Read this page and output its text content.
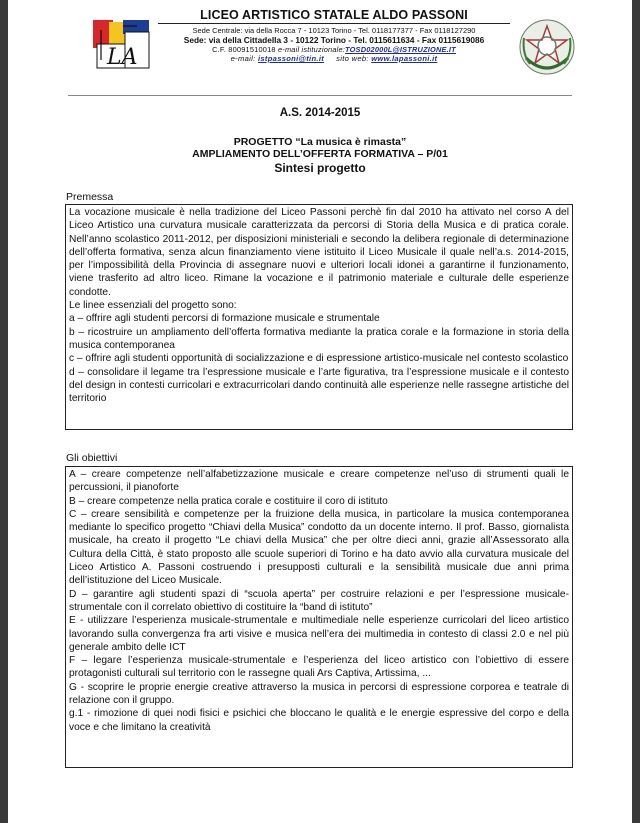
LA
LICEO ARTISTICO STATALE ALDO PASSONI
Sede Centrale: via della Rocca 7 - 10123 Torino - Tel. 0118177377 - Fax 0118127290
Sede: via della Cittadella 3 - 10122 Torino - Tel. 0115611634 - Fax 0115619086
C.F. 80091510018 e-mail istituzionale:TOSD02000L@ISTRUZIONE.IT
e-mail: istpassoni@tin.it sito web: www.lapassoni.it
A.S. 2014-2015
PROGETTO “La musica è rimasta”
AMPLIAMENTO DELL’OFFERTA FORMATIVA – P/01
Sintesi progetto
Premessa

La vocazione musicale è nella tradizione del Liceo Passoni perchè fin dal 2010 ha attivato nel corso A del Liceo Artistico una curvatura musicale caratterizzata da percorsi di Storia della Musica e di pratica corale. Nell’anno scolastico 2011-2012, per disposizioni ministeriali e secondo la delibera regionale di determinazione dell’offerta formativa, senza alcun finanziamento viene istituito il Liceo Musicale il quale nell’a.s. 2014-2015, per l’impossibilità della Provincia di assegnare nuovi e ulteriori locali idonei a garantirne il funzionamento, viene trasferito ad altro liceo. Rimane la vocazione e il patrimonio materiale e culturale delle esperienze condotte.

Le linee essenziali del progetto sono:

a – offrire agli studenti percorsi di formazione musicale e strumentale

b – ricostruire un ampliamento dell’offerta formativa mediante la pratica corale e la formazione in storia della musica contemporanea

c – offrire agli studenti opportunità di socializzazione e di espressione artistico-musicale nel contesto scolastico

d – consolidare il legame tra l’espressione musicale e l’arte figurativa, tra l’espressione musicale e il contesto del design in contesti curricolari e extracurricolari dando continuità alle esperienze nelle rassegne artistiche del territorio

Gli obiettivi

A – creare competenze nell’alfabetizzazione musicale e creare competenze nel’uso di strumenti quali le percussioni, il pianoforte

B – creare competenze nella pratica corale e costituire il coro di istituto

C – creare sensibilità e competenze per la fruizione della musica, in particolare la musica contemporanea mediante lo specifico progetto “Chiavi della Musica” condotto da un docente interno. Il prof. Basso, giornalista musicale, ha creato il progetto “Le chiavi della Musica” che per oltre dieci anni, grazie all’Assessorato alla Cultura della Città, è stato proposto alle scuole superiori di Torino e ha dato avvio alla curvatura musicale del Liceo Artistico A. Passoni costruendo i presupposti culturali e la sensibilità musicale due anni prima dell’istituzione del Liceo Musicale.

D – garantire agli studenti spazi di “scuola aperta” per costruire relazioni e per l’espressione musicale-strumentale con il correlato obiettivo di costituire la “band di istituto”

E - utilizzare l’esperienza musicale-strumentale e multimediale nelle esperienze curricolari del liceo artistico lavorando sulla convergenza fra arti visive e musica nell’era dei multimedia in contesto di classi 2.0 e nel più generale ambito delle ICT

F – legare l’esperienza musicale-strumentale e l’esperienza del liceo artistico con l’obiettivo di essere protagonisti culturali sul territorio con le rassegne quali Ars Captiva, Artissima, ...

G - scoprire le proprie energie creative attraverso la musica in percorsi di espressione corporea e teatrale di relazione con il gruppo.

g.1 - rimozione di quei nodi fisici e psichici che bloccano le qualità e le energie espressive del corpo e della voce e che limitano la creatività
